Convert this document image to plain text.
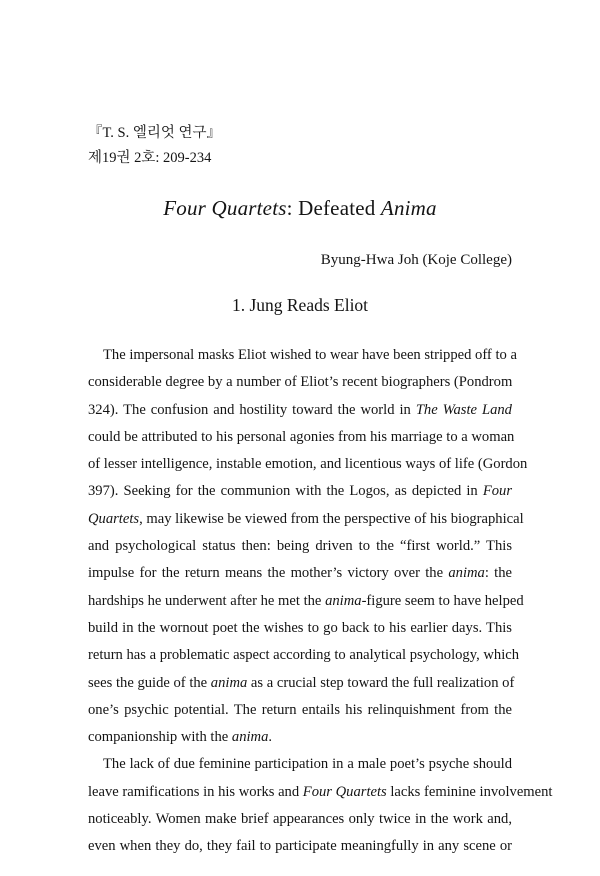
『T. S. 엘리엇 연구』
제19권 2호: 209-234
Four Quartets: Defeated Anima
Byung-Hwa Joh (Koje College)
1. Jung Reads Eliot
The impersonal masks Eliot wished to wear have been stripped off to a
considerable degree by a number of Eliot’s recent biographers (Pondrom
324). The confusion and hostility toward the world in The Waste Land
could be attributed to his personal agonies from his marriage to a woman
of lesser intelligence, instable emotion, and licentious ways of life (Gordon
397). Seeking for the communion with the Logos, as depicted in Four
Quartets, may likewise be viewed from the perspective of his biographical
and psychological status then: being driven to the “first world.” This
impulse for the return means the mother’s victory over the anima: the
hardships he underwent after he met the anima-figure seem to have helped
build in the wornout poet the wishes to go back to his earlier days. This
return has a problematic aspect according to analytical psychology, which
sees the guide of the anima as a crucial step toward the full realization of
one’s psychic potential. The return entails his relinquishment from the
companionship with the anima.
The lack of due feminine participation in a male poet’s psyche should
leave ramifications in his works and Four Quartets lacks feminine involvement
noticeably. Women make brief appearances only twice in the work and,
even when they do, they fail to participate meaningfully in any scene or
